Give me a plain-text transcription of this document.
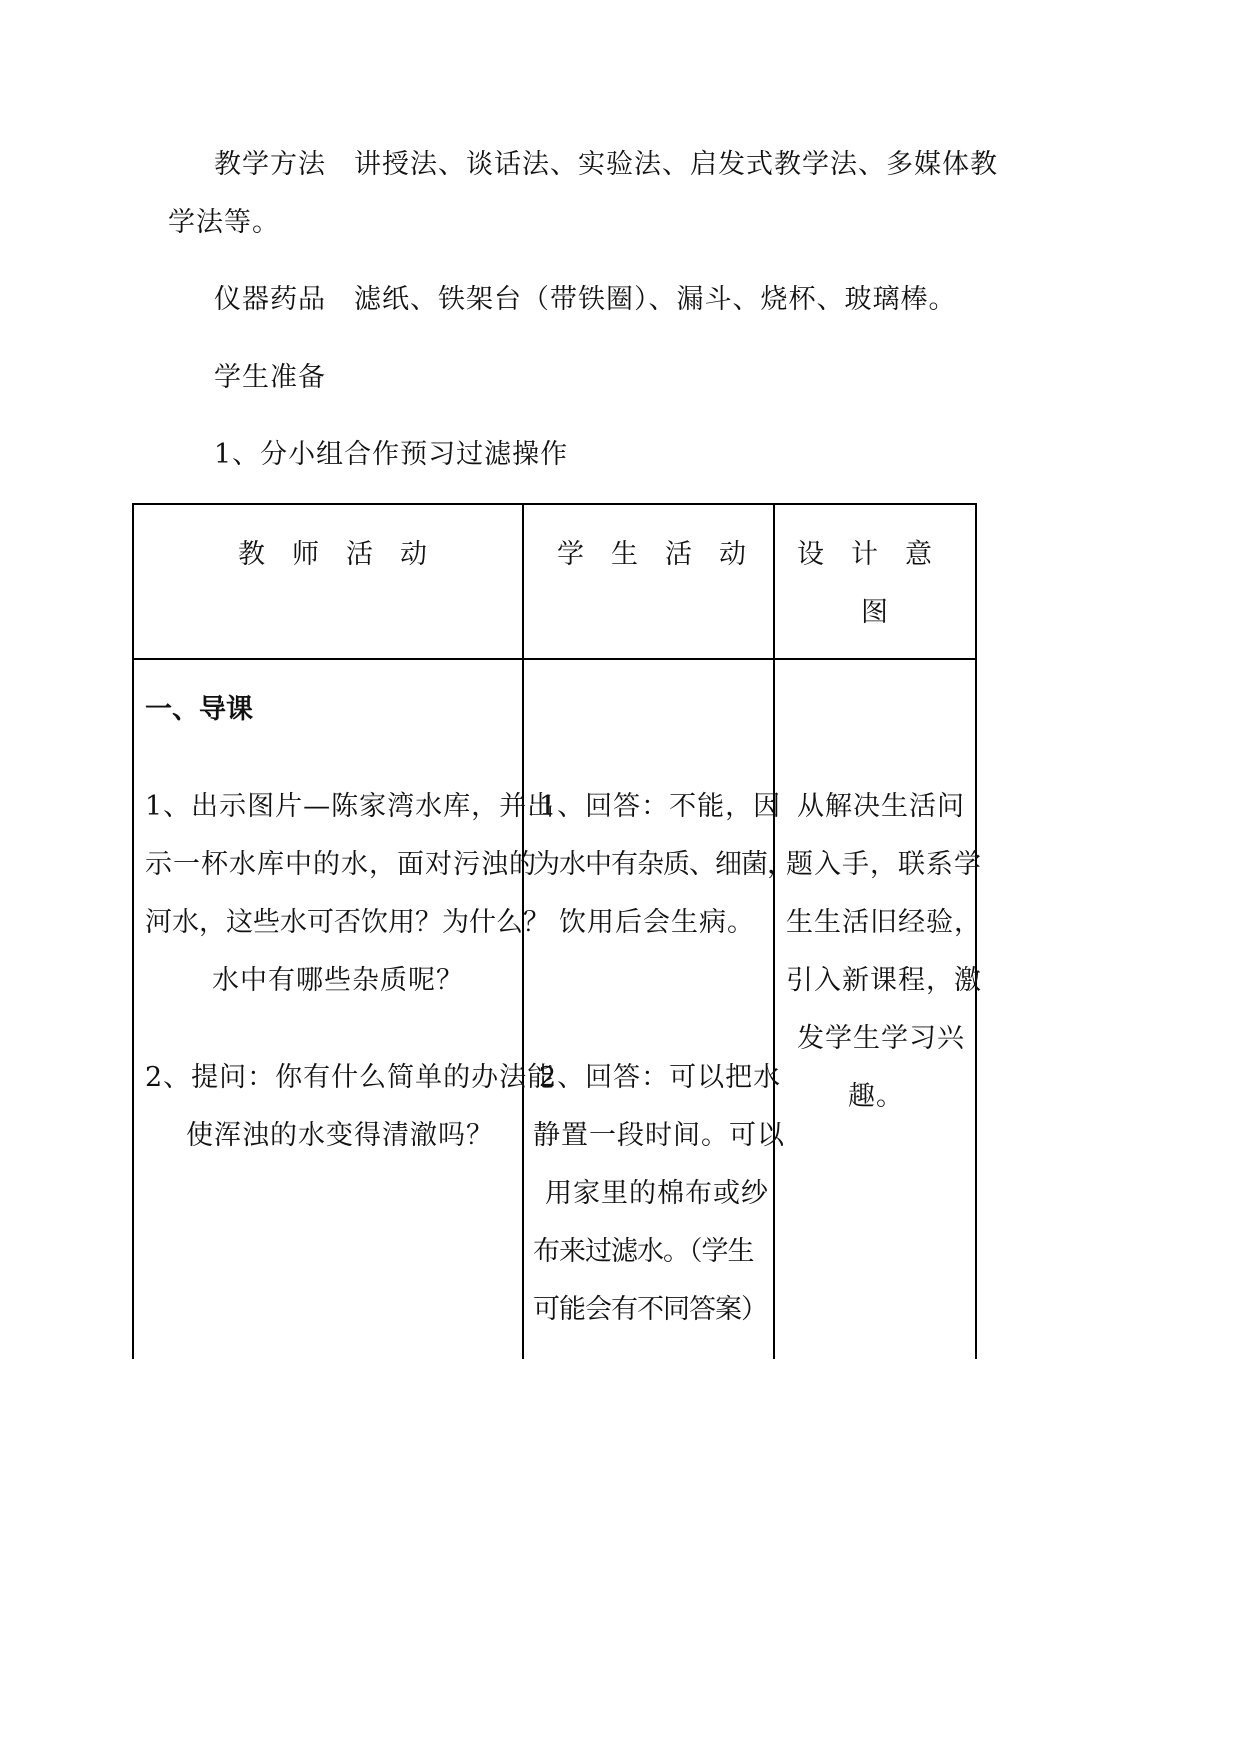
教学方法 讲授法、谈话法、实验法、启发式教学法、多媒体教
学法等。
仪器药品 滤纸、铁架台（带铁圈）、漏斗、烧杯、玻璃棒。
学生准备
1、分小组合作预习过滤操作
教　师　活　动	学　生　活　动 设　计　意
图
一、导课
1、出示图片—陈家湾水库，并出
示一杯水库中的水，面对污浊的
河水，这些水可否饮用？为什么？
水中有哪些杂质呢？
2、提问：你有什么简单的办法能
使浑浊的水变得清澈吗？
1、回答：不能，因
为水中有杂质、细菌，
饮用后会生病。
2、回答：可以把水
静置一段时间。可以
用家里的棉布或纱
布来过滤水。（学生
可能会有不同答案）
从解决生活问
题入手，联系学
生生活旧经验，
引入新课程，激
发学生学习兴
趣。
